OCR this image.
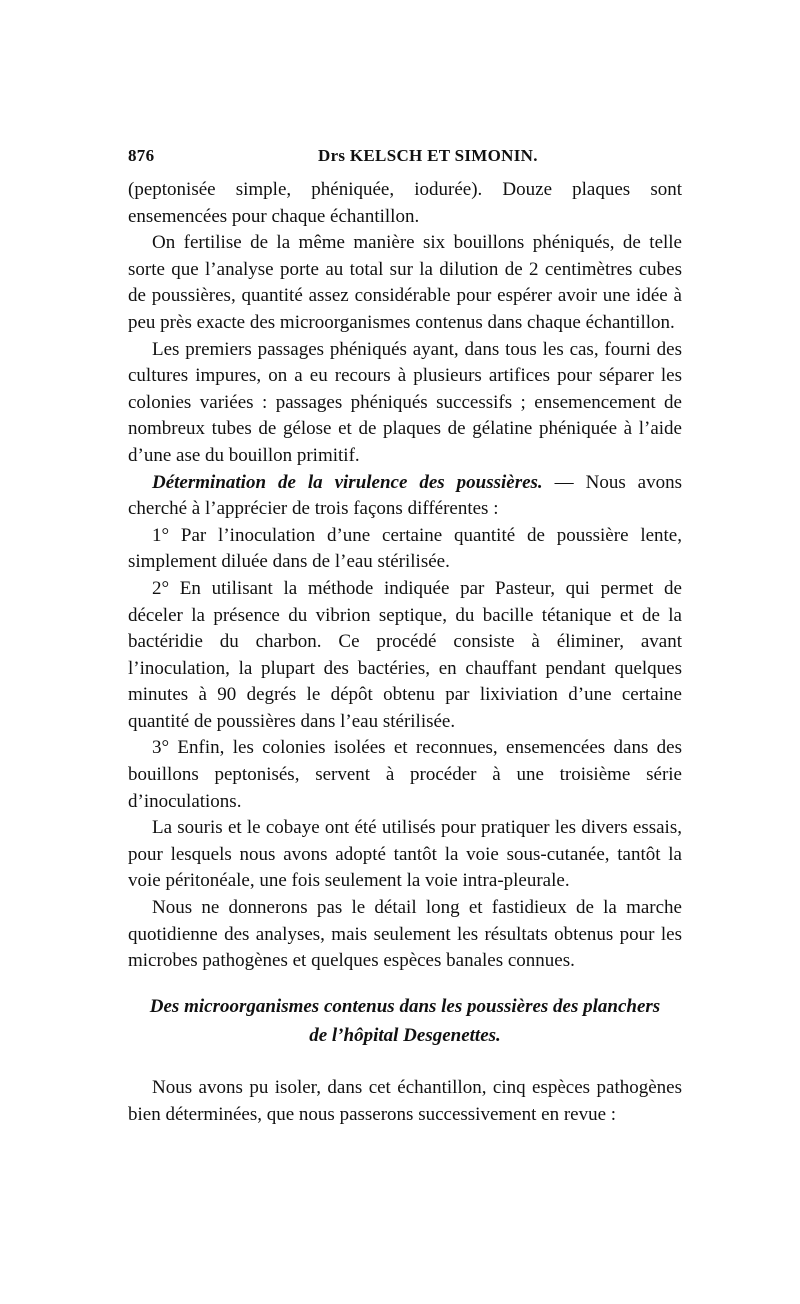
876	Drs KELSCH ET SIMONIN.

(peptonisée simple, phéniquée, iodurée). Douze plaques sont ensemencées pour chaque échantillon.

On fertilise de la même manière six bouillons phéniqués, de telle sorte que l’analyse porte au total sur la dilution de 2 centimètres cubes de poussières, quantité assez considérable pour espérer avoir une idée à peu près exacte des microorganismes contenus dans chaque échantillon.

Les premiers passages phéniqués ayant, dans tous les cas, fourni des cultures impures, on a eu recours à plusieurs artifices pour séparer les colonies variées : passages phéniqués successifs ; ensemencement de nombreux tubes de gélose et de plaques de gélatine phéniquée à l’aide d’une ase du bouillon primitif.

Détermination de la virulence des poussières. — Nous avons cherché à l’apprécier de trois façons différentes :

1° Par l’inoculation d’une certaine quantité de poussière lente, simplement diluée dans de l’eau stérilisée.

2° En utilisant la méthode indiquée par Pasteur, qui permet de déceler la présence du vibrion septique, du bacille tétanique et de la bactéridie du charbon. Ce procédé consiste à éliminer, avant l’inoculation, la plupart des bactéries, en chauffant pendant quelques minutes à 90 degrés le dépôt obtenu par lixiviation d’une certaine quantité de poussières dans l’eau stérilisée.

3° Enfin, les colonies isolées et reconnues, ensemencées dans des bouillons peptonisés, servent à procéder à une troisième série d’inoculations.

La souris et le cobaye ont été utilisés pour pratiquer les divers essais, pour lesquels nous avons adopté tantôt la voie sous-cutanée, tantôt la voie péritonéale, une fois seulement la voie intra-pleurale.

Nous ne donnerons pas le détail long et fastidieux de la marche quotidienne des analyses, mais seulement les résultats obtenus pour les microbes pathogènes et quelques espèces banales connues.

Des microorganismes contenus dans les poussières des planchers
de l’hôpital Desgenettes.

Nous avons pu isoler, dans cet échantillon, cinq espèces pathogènes bien déterminées, que nous passerons successivement en revue :
